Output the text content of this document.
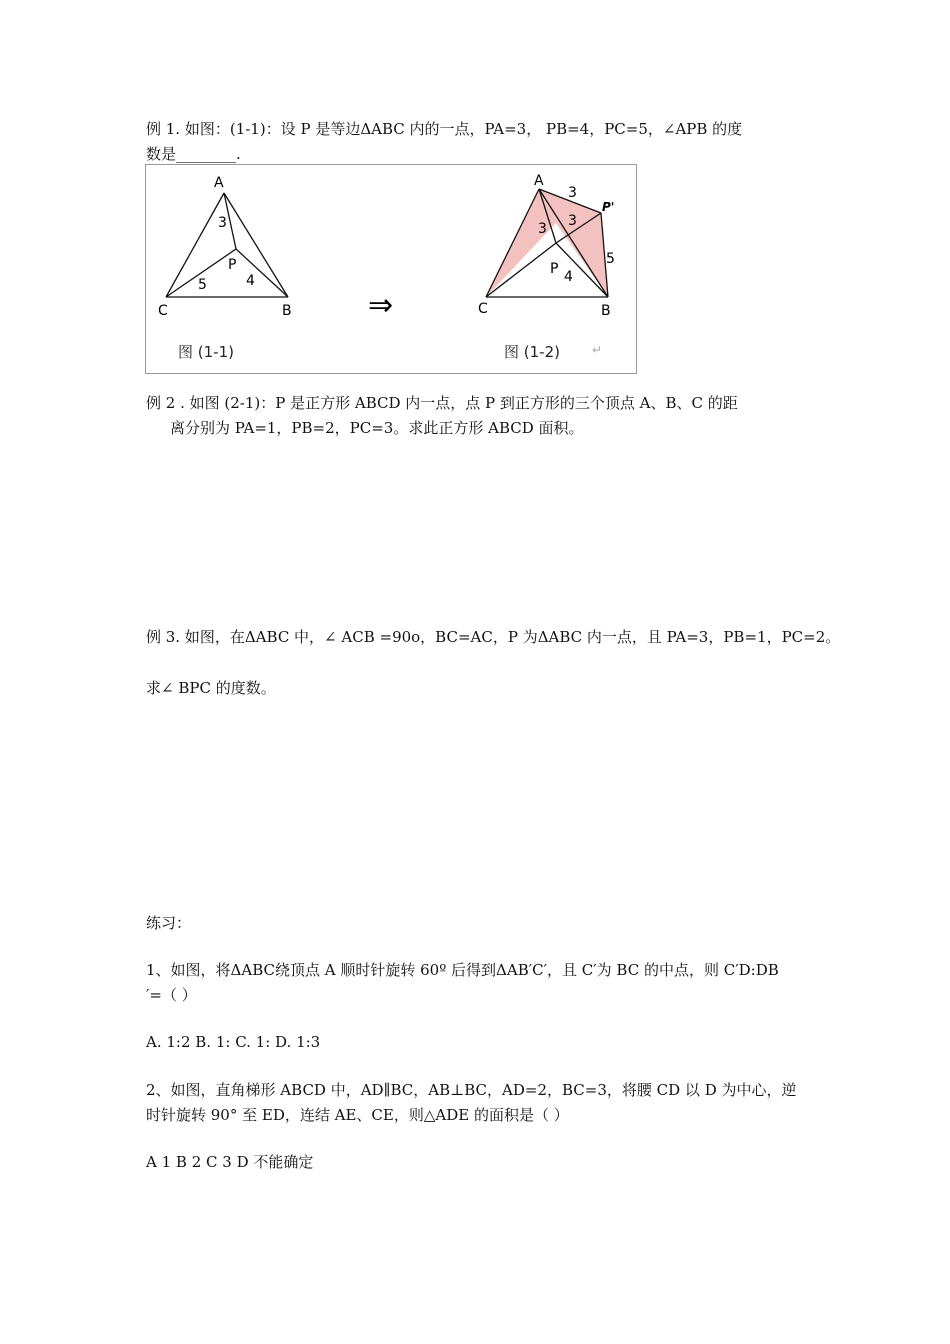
例 1. 如图：(1-1)：设 P 是等边ΔABC 内的一点，PA=3， PB=4，PC=5，∠APB 的度
数是________.
A
C	B
P
3
5	4
⇒
A
C	B
P
P'
3
3 3
4
5
图 (1-1)	图 (1-2)	↵
例 2 . 如图 (2-1)：P 是正方形 ABCD 内一点，点 P 到正方形的三个顶点 A、B、C 的距
离分别为 PA=1，PB=2，PC=3。求此正方形 ABCD 面积。
例 3. 如图，在ΔABC 中，∠ ACB =90o，BC=AC，P 为ΔABC 内一点，且 PA=3，PB=1，PC=2。
求∠ BPC 的度数。
练习：
1、如图，将ΔABC绕顶点 A 顺时针旋转 60º 后得到ΔAB′C′，且 C′为 BC 的中点，则 C′D:DB
′=（ ）
A. 1:2 B. 1: C. 1: D. 1:3
2、如图，直角梯形 ABCD 中，AD∥BC，AB⊥BC，AD=2，BC=3，将腰 CD 以 D 为中心，逆
时针旋转 90° 至 ED，连结 AE、CE，则△ADE 的面积是（ ）
A 1 B 2 C 3 D 不能确定
